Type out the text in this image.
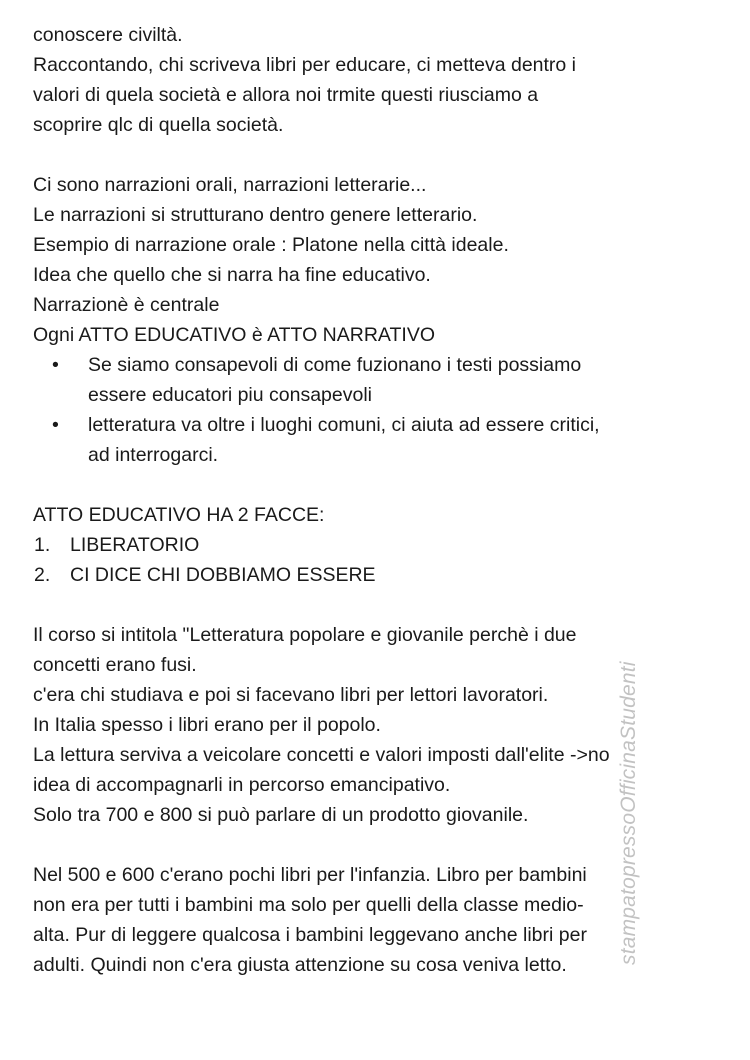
conoscere civiltà.
Raccontando, chi scriveva libri per educare, ci metteva dentro i
valori di quela società e allora noi trmite questi riusciamo a
scoprire qlc di quella società.
Ci sono narrazioni orali, narrazioni letterarie...
Le narrazioni si strutturano dentro genere letterario.
Esempio di narrazione orale : Platone nella città ideale.
Idea che quello che si narra ha fine educativo.
Narrazionè è centrale
Ogni ATTO EDUCATIVO è ATTO NARRATIVO
• Se siamo consapevoli di come fuzionano i testi possiamo
essere educatori piu consapevoli
• letteratura va oltre i luoghi comuni, ci aiuta ad essere critici,
ad interrogarci.
ATTO EDUCATIVO HA 2 FACCE:
1. LIBERATORIO
2. CI DICE CHI DOBBIAMO ESSERE
Il corso si intitola "Letteratura popolare e giovanile perchè i due
concetti erano fusi.
c'era chi studiava e poi si facevano libri per lettori lavoratori.
In Italia spesso i libri erano per il popolo.
La lettura serviva a veicolare concetti e valori imposti dall'elite ->no
idea di accompagnarli in percorso emancipativo.
Solo tra 700 e 800 si può parlare di un prodotto giovanile.
Nel 500 e 600 c'erano pochi libri per l'infanzia. Libro per bambini
non era per tutti i bambini ma solo per quelli della classe medio-
alta. Pur di leggere qualcosa i bambini leggevano anche libri per
adulti. Quindi non c'era giusta attenzione su cosa veniva letto.	stampatopressoOfficinaStudenti
